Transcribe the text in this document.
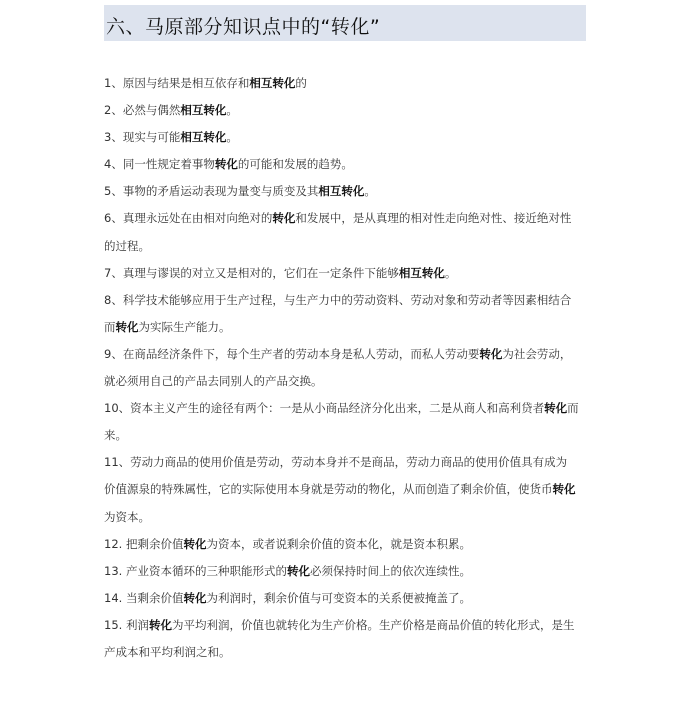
六、马原部分知识点中的“转化”
1、原因与结果是相互依存和相互转化的
2、必然与偶然相互转化。
3、现实与可能相互转化。
4、同一性规定着事物转化的可能和发展的趋势。
5、事物的矛盾运动表现为量变与质变及其相互转化。
6、真理永远处在由相对向绝对的转化和发展中，是从真理的相对性走向绝对性、接近绝对性
的过程。
7、真理与谬误的对立又是相对的，它们在一定条件下能够相互转化。
8、科学技术能够应用于生产过程，与生产力中的劳动资料、劳动对象和劳动者等因素相结合
而转化为实际生产能力。
9、在商品经济条件下，每个生产者的劳动本身是私人劳动，而私人劳动要转化为社会劳动，
就必须用自己的产品去同别人的产品交换。
10、资本主义产生的途径有两个：一是从小商品经济分化出来，二是从商人和高利贷者转化而
来。
11、劳动力商品的使用价值是劳动，劳动本身并不是商品，劳动力商品的使用价值具有成为
价值源泉的特殊属性，它的实际使用本身就是劳动的物化，从而创造了剩余价值，使货币转化
为资本。
12. 把剩余价值转化为资本，或者说剩余价值的资本化，就是资本积累。
13. 产业资本循环的三种职能形式的转化必须保持时间上的依次连续性。
14. 当剩余价值转化为利润时，剩余价值与可变资本的关系便被掩盖了。
15. 利润转化为平均利润，价值也就转化为生产价格。生产价格是商品价值的转化形式，是生
产成本和平均利润之和。
